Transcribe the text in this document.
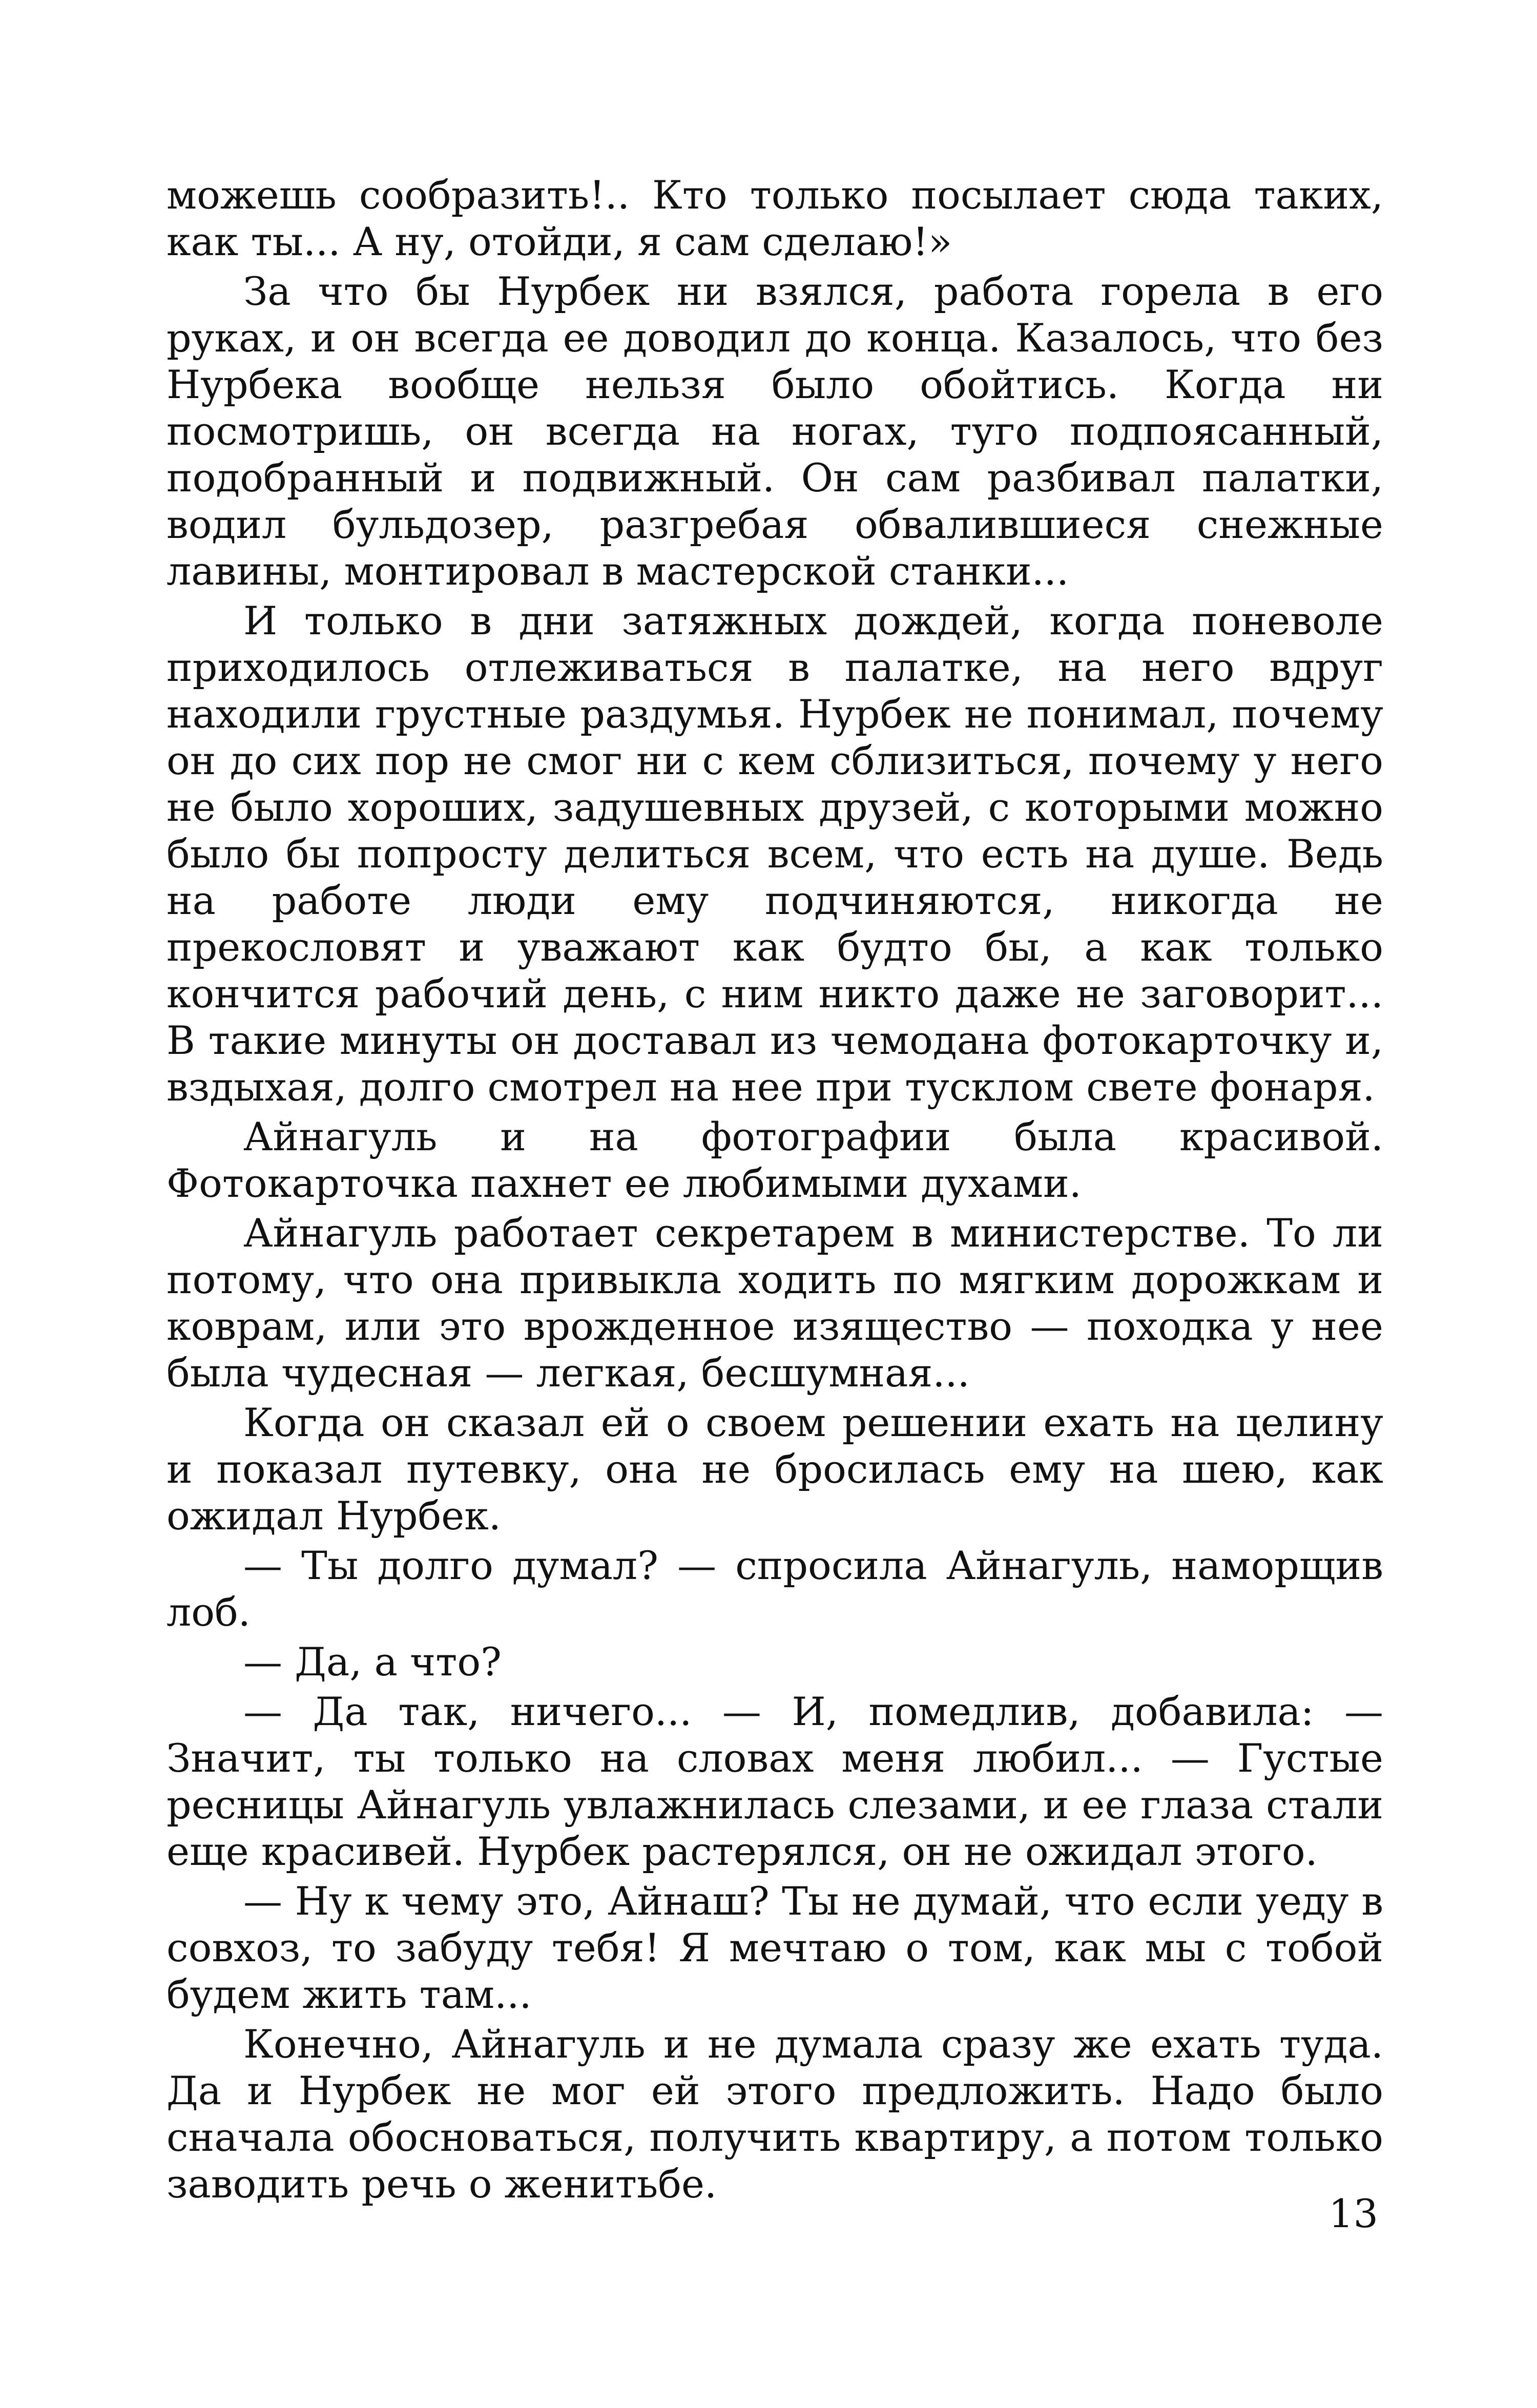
можешь сообразить!.. Кто только посылает сюда таких, как ты... А ну, отойди, я сам сделаю!»

За что бы Нурбек ни взялся, работа горела в его руках, и он всегда ее доводил до конца. Казалось, что без Нурбека вообще нельзя было обойтись. Когда ни посмотришь, он всегда на ногах, туго подпоясанный, подобранный и подвижный. Он сам разбивал палатки, водил бульдозер, разгребая обвалившиеся снежные лавины, монтировал в мастерской станки...

И только в дни затяжных дождей, когда поневоле приходилось отлеживаться в палатке, на него вдруг находили грустные раздумья. Нурбек не понимал, почему он до сих пор не смог ни с кем сблизиться, почему у него не было хороших, задушевных друзей, с которыми можно было бы попросту делиться всем, что есть на душе. Ведь на работе люди ему подчиняются, никогда не прекословят и уважают как будто бы, а как только кончится рабочий день, с ним никто даже не заговорит... В такие минуты он доставал из чемодана фотокарточку и, вздыхая, долго смотрел на нее при тусклом свете фонаря.

Айнагуль и на фотографии была красивой. Фотокарточка пахнет ее любимыми духами.

Айнагуль работает секретарем в министерстве. То ли потому, что она привыкла ходить по мягким дорожкам и коврам, или это врожденное изящество — походка у нее была чудесная — легкая, бесшумная...

Когда он сказал ей о своем решении ехать на целину и показал путевку, она не бросилась ему на шею, как ожидал Нурбек.

— Ты долго думал? — спросила Айнагуль, наморщив лоб.

— Да, а что?

— Да так, ничего... — И, помедлив, добавила: — Значит, ты только на словах меня любил... — Густые ресницы Айнагуль увлажнилась слезами, и ее глаза стали еще красивей. Нурбек растерялся, он не ожидал этого.

— Ну к чему это, Айнаш? Ты не думай, что если уеду в совхоз, то забуду тебя! Я мечтаю о том, как мы с тобой будем жить там...

Конечно, Айнагуль и не думала сразу же ехать туда. Да и Нурбек не мог ей этого предложить. Надо было сначала обосноваться, получить квартиру, а потом только заводить речь о женитьбе.

13
